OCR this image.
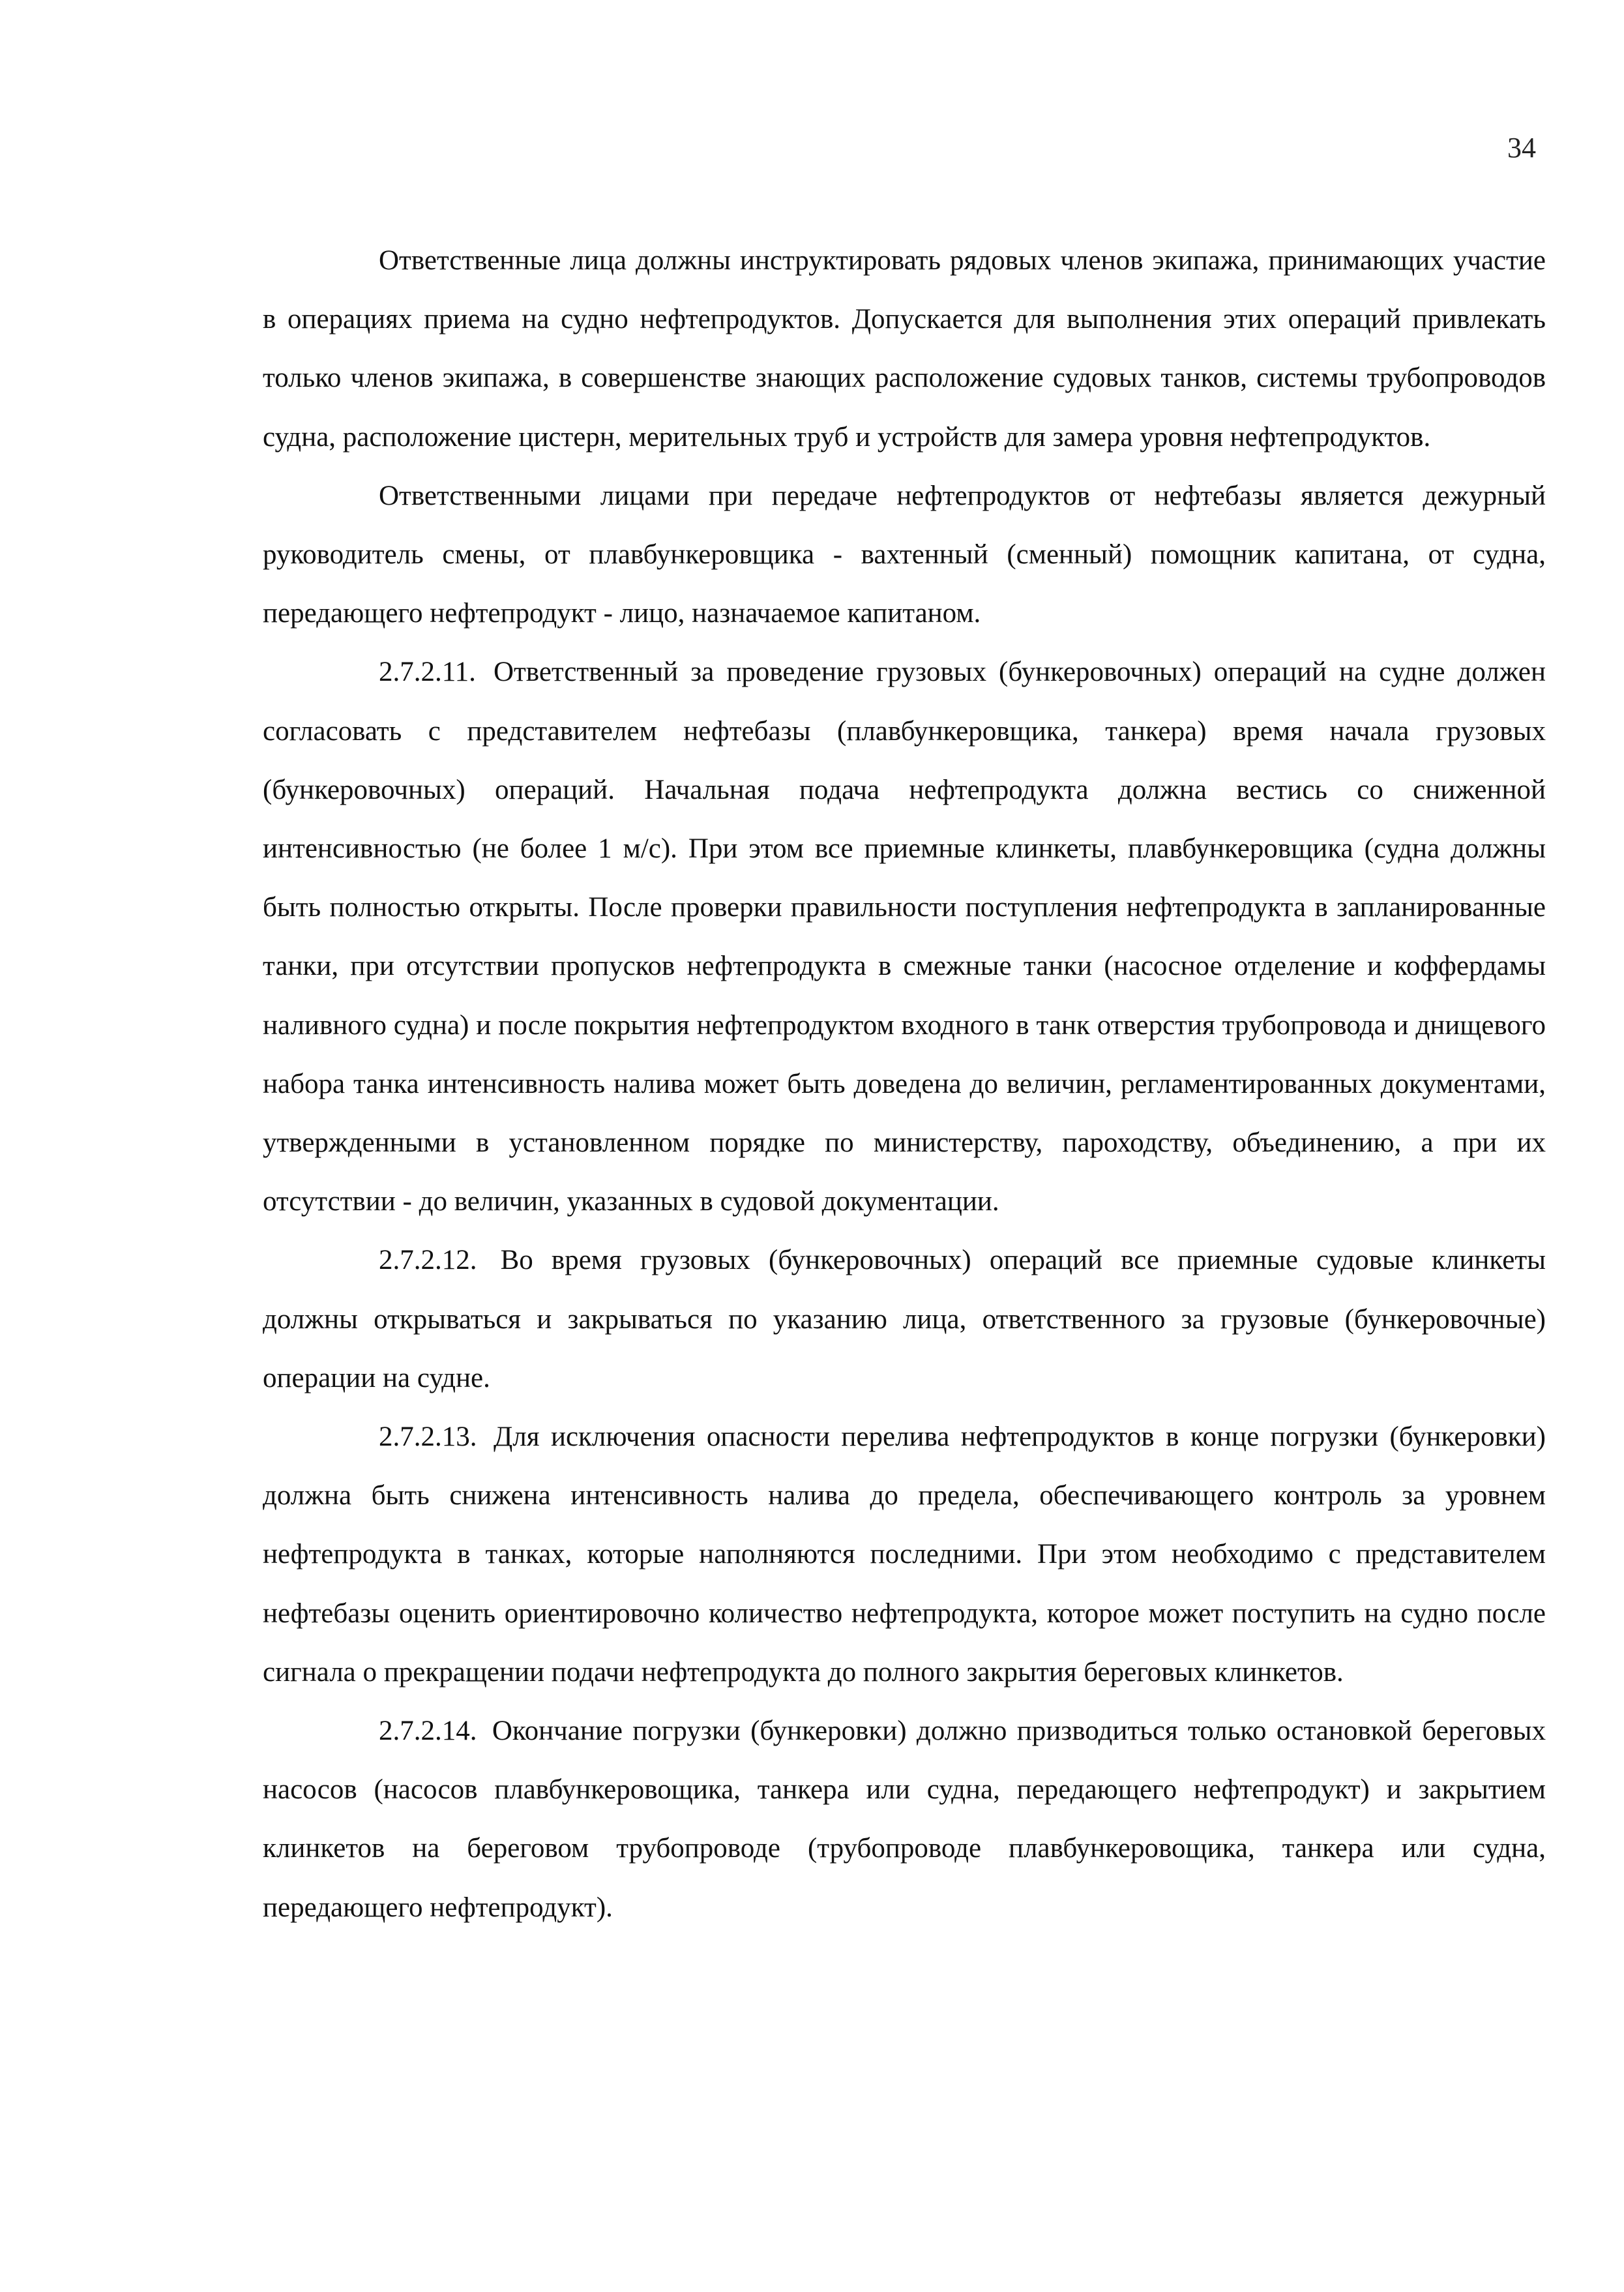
34

Ответственные лица должны инструктировать рядовых членов экипажа, принимающих участие в операциях приема на судно нефтепродуктов. Допускается для выполнения этих операций привлекать только членов экипажа, в совершенстве знающих расположение судовых танков, системы трубопроводов судна, расположение цистерн, мерительных труб и устройств для замера уровня нефтепродуктов.

Ответственными лицами при передаче нефтепродуктов от нефтебазы является дежурный руководитель смены, от плавбункеровщика - вахтенный (сменный) помощник капитана, от судна, передающего нефтепродукт - лицо, назначаемое капитаном.

2.7.2.11. Ответственный за проведение грузовых (бункеровочных) операций на судне должен согласовать с представителем нефтебазы (плавбункеровщика, танкера) время начала грузовых (бункеровочных) операций. Начальная подача нефтепродукта должна вестись со сниженной интенсивностью (не более 1 м/с). При этом все приемные клинкеты, плавбункеровщика (судна должны быть полностью открыты. После проверки правильности поступления нефтепродукта в запланированные танки, при отсутствии пропусков нефтепродукта в смежные танки (насосное отделение и коффердамы наливного судна) и после покрытия нефтепродуктом входного в танк отверстия трубопровода и днищевого набора танка интенсивность налива может быть доведена до величин, регламентированных документами, утвержденными в установленном порядке по министерству, пароходству, объединению, а при их отсутствии - до величин, указанных в судовой документации.

2.7.2.12. Во время грузовых (бункеровочных) операций все приемные судовые клинкеты должны открываться и закрываться по указанию лица, ответственного за грузовые (бункеровочные) операции на судне.

2.7.2.13. Для исключения опасности перелива нефтепродуктов в конце погрузки (бункеровки) должна быть снижена интенсивность налива до предела, обеспечивающего контроль за уровнем нефтепродукта в танках, которые наполняются последними. При этом необходимо с представителем нефтебазы оценить ориентировочно количество нефтепродукта, которое может поступить на судно после сигнала о прекращении подачи нефтепродукта до полного закрытия береговых клинкетов.

2.7.2.14. Окончание погрузки (бункеровки) должно призводиться только остановкой береговых насосов (насосов плавбункеровощика, танкера или судна, передающего нефтепродукт) и закрытием клинкетов на береговом трубопроводе (трубопроводе плавбункеровощика, танкера или судна, передающего нефтепродукт).
